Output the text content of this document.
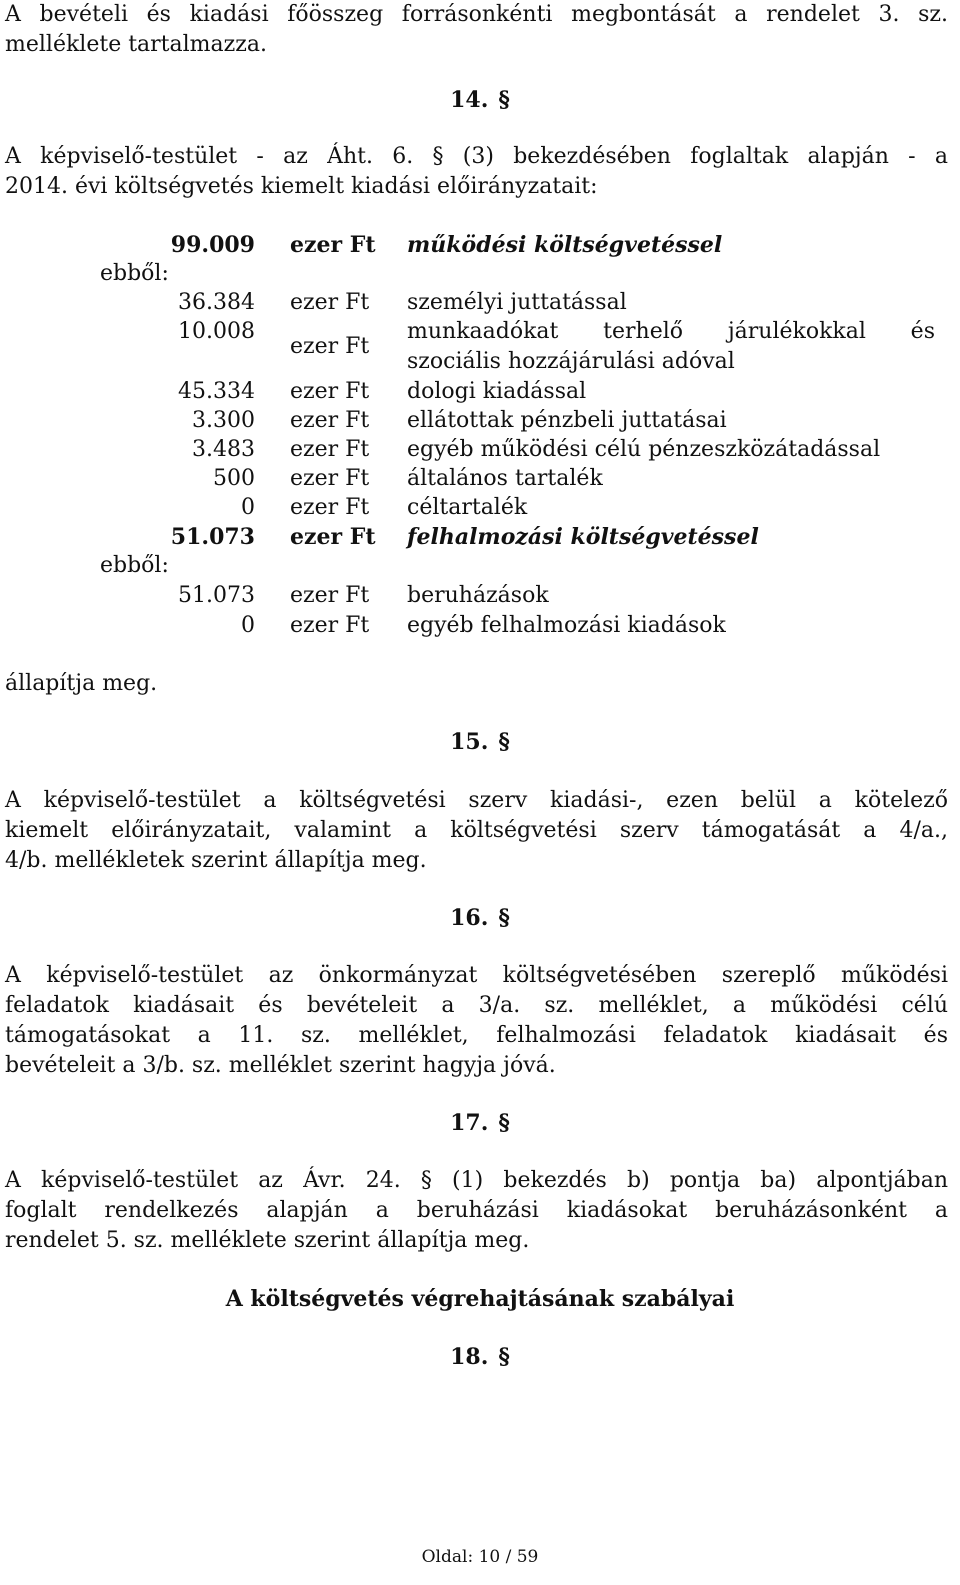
A bevételi és kiadási főösszeg forrásonkénti megbontását a rendelet 3. sz.
melléklete tartalmazza.
14. §
A képviselő-testület - az Áht. 6. § (3) bekezdésében foglaltak alapján - a
2014. évi költségvetés kiemelt kiadási előirányzatait:
99.009 ezer Ft működési költségvetéssel
ebből:
36.384 ezer Ft személyi juttatással
10.008
ezer Ft
munkaadókat terhelő járulékokkal és
szociális hozzájárulási adóval
45.334 ezer Ft dologi kiadással
3.300 ezer Ft ellátottak pénzbeli juttatásai
3.483 ezer Ft egyéb működési célú pénzeszközátadással
500 ezer Ft általános tartalék
0 ezer Ft céltartalék
51.073 ezer Ft felhalmozási költségvetéssel
ebből:
51.073 ezer Ft beruházások
0 ezer Ft egyéb felhalmozási kiadások
állapítja meg.
15. §
A képviselő-testület a költségvetési szerv kiadási-, ezen belül a kötelező
kiemelt előirányzatait, valamint a költségvetési szerv támogatását a 4/a.,
4/b. mellékletek szerint állapítja meg.
16. §
A képviselő-testület az önkormányzat költségvetésében szereplő működési
feladatok kiadásait és bevételeit a 3/a. sz. melléklet, a működési célú
támogatásokat a 11. sz. melléklet, felhalmozási feladatok kiadásait és
bevételeit a 3/b. sz. melléklet szerint hagyja jóvá.
17. §
A képviselő-testület az Ávr. 24. § (1) bekezdés b) pontja ba) alpontjában
foglalt rendelkezés alapján a beruházási kiadásokat beruházásonként a
rendelet 5. sz. melléklete szerint állapítja meg.
A költségvetés végrehajtásának szabályai
18. §
Oldal: 10 / 59
